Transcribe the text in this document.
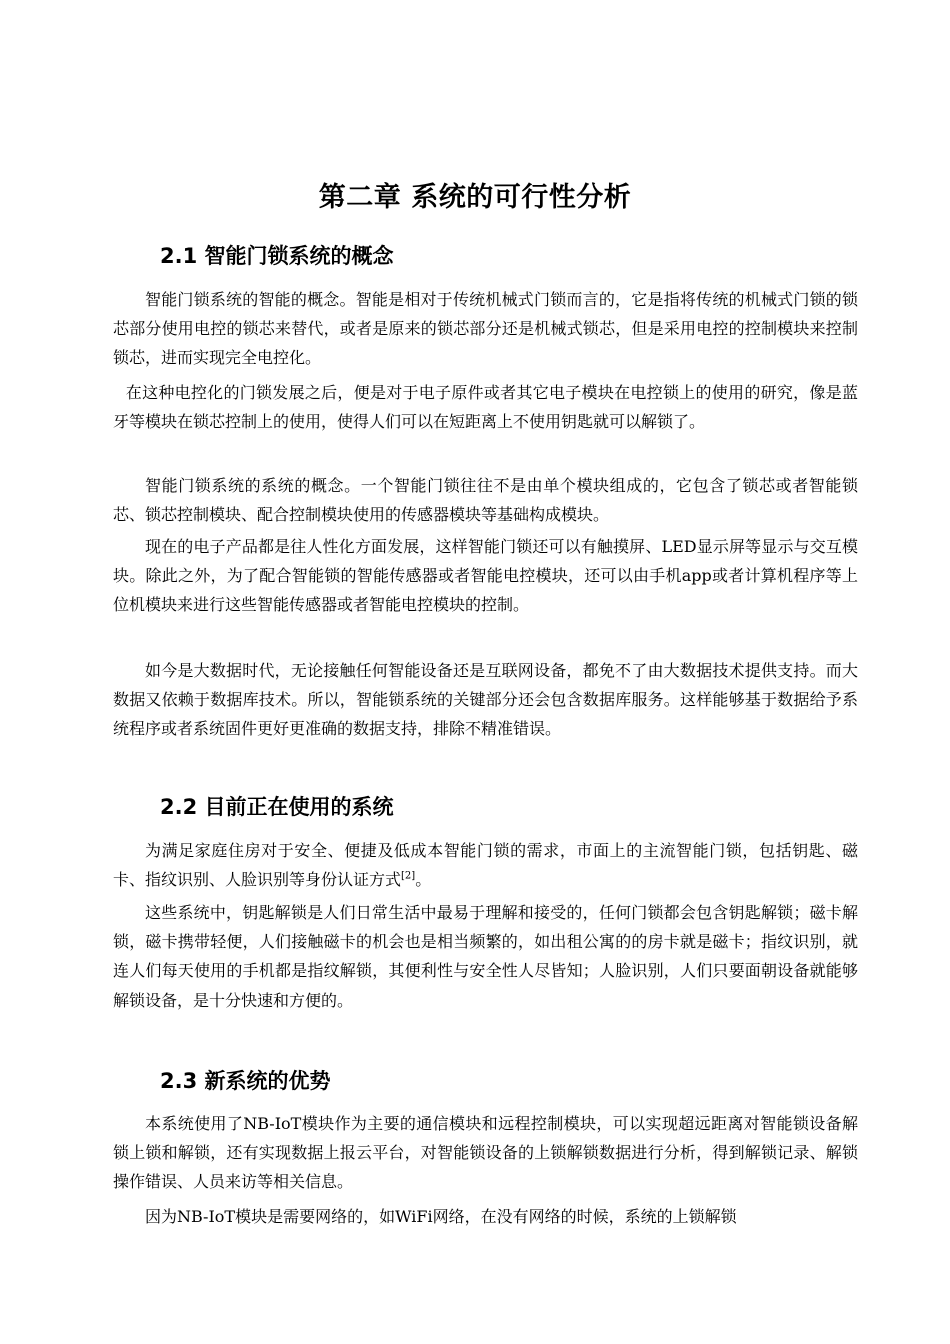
第二章 系统的可行性分析
2.1 智能门锁系统的概念

智能门锁系统的智能的概念。智能是相对于传统机械式门锁而言的，它是指将传统的机械式门锁的锁芯部分使用电控的锁芯来替代，或者是原来的锁芯部分还是机械式锁芯，但是采用电控的控制模块来控制锁芯，进而实现完全电控化。

在这种电控化的门锁发展之后，便是对于电子原件或者其它电子模块在电控锁上的使用的研究，像是蓝牙等模块在锁芯控制上的使用，使得人们可以在短距离上不使用钥匙就可以解锁了。

智能门锁系统的系统的概念。一个智能门锁往往不是由单个模块组成的，它包含了锁芯或者智能锁芯、锁芯控制模块、配合控制模块使用的传感器模块等基础构成模块。

现在的电子产品都是往人性化方面发展，这样智能门锁还可以有触摸屏、LED显示屏等显示与交互模块。除此之外，为了配合智能锁的智能传感器或者智能电控模块，还可以由手机app或者计算机程序等上位机模块来进行这些智能传感器或者智能电控模块的控制。

如今是大数据时代，无论接触任何智能设备还是互联网设备，都免不了由大数据技术提供支持。而大数据又依赖于数据库技术。所以，智能锁系统的关键部分还会包含数据库服务。这样能够基于数据给予系统程序或者系统固件更好更准确的数据支持，排除不精准错误。

2.2 目前正在使用的系统

为满足家庭住房对于安全、便捷及低成本智能门锁的需求，市面上的主流智能门锁，包括钥匙、磁卡、指纹识别、人脸识别等身份认证方式[2]。

这些系统中，钥匙解锁是人们日常生活中最易于理解和接受的，任何门锁都会包含钥匙解锁；磁卡解锁，磁卡携带轻便，人们接触磁卡的机会也是相当频繁的，如出租公寓的的房卡就是磁卡；指纹识别，就连人们每天使用的手机都是指纹解锁，其便利性与安全性人尽皆知；人脸识别，人们只要面朝设备就能够解锁设备，是十分快速和方便的。

2.3 新系统的优势

本系统使用了NB-IoT模块作为主要的通信模块和远程控制模块，可以实现超远距离对智能锁设备解锁上锁和解锁，还有实现数据上报云平台，对智能锁设备的上锁解锁数据进行分析，得到解锁记录、解锁操作错误、人员来访等相关信息。

因为NB-IoT模块是需要网络的，如WiFi网络，在没有网络的时候，系统的上锁解锁
